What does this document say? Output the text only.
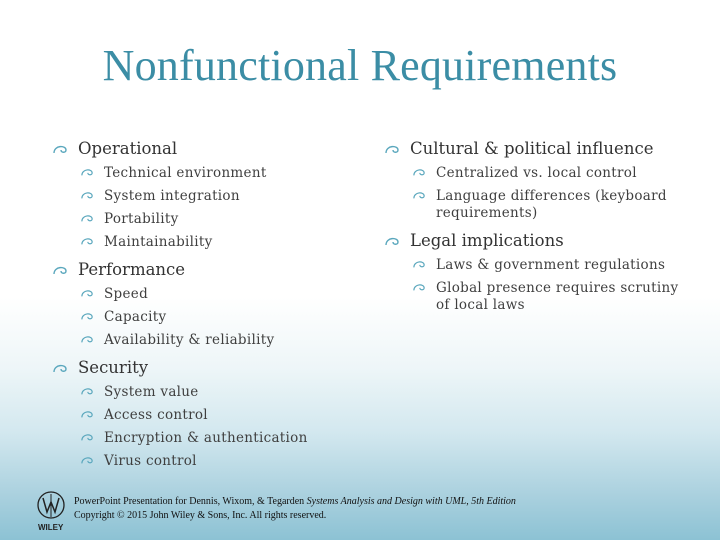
Nonfunctional Requirements
Operational
Technical environment
System integration
Portability
Maintainability
Performance
Speed
Capacity
Availability & reliability
Security
System value
Access control
Encryption & authentication
Virus control
Cultural & political influence
Centralized vs. local control
Language differences (keyboard requirements)
Legal implications
Laws & government regulations
Global presence requires scrutiny of local laws
WILEY
PowerPoint Presentation for Dennis, Wixom, & Tegarden Systems Analysis and Design with UML, 5th Edition
Copyright © 2015 John Wiley & Sons, Inc. All rights reserved.
